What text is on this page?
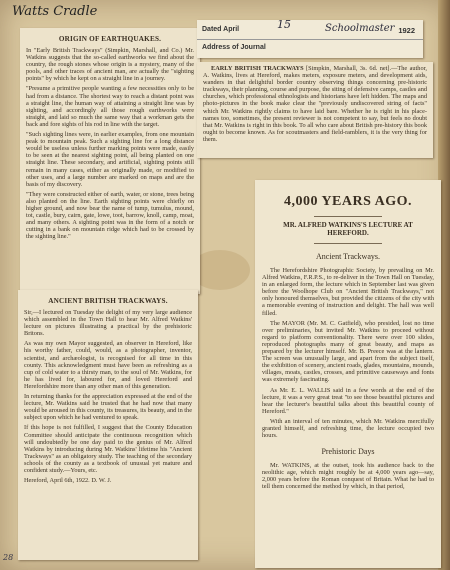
Watts Cradle
ORIGIN OF EARTHQUAKES.

In "Early British Trackways" (Simpkin, Marshall, and Co.) Mr. Watkins suggests that the so-called earthworks we find about the country, the rough stones whose origin is a mystery, many of the pools, and other traces of ancient man, are actually the "sighting points" by which he kept on a straight line in a journey.

"Presume a primitive people wanting a few necessities only to be had from a distance. The shortest way to reach a distant point was a straight line, the human way of attaining a straight line was by sighting, and accordingly all those rough earthworks were straight, and laid so much the same way that a workman gets the back and fore sights of his rod in line with the target.

"Such sighting lines were, in earlier examples, from one mountain peak to mountain peak. Such a sighting line for a long distance would be useless unless further marking points were made, easily to be seen at the nearest sighting point, all being planted on one straight line. These secondary, and artificial, sighting points still remain in many cases, either as originally made, or modified to other uses, and a large number are marked on maps and are the basis of my discovery.

"They were constructed either of earth, water, or stone, trees being also planted on the line. Earth sighting points were chiefly on higher ground, and now bear the name of tump, tumulus, mound, tot, castle, bury, cairn, gate, lowe, toot, barrow, knoll, camp, moat, and many others. A sighting point was in the form of a notch or cutting in a bank on mountain ridge which had to be crossed by the sighting line."

ANCIENT BRITISH TRACKWAYS.

Sir,—I lectured on Tuesday the delight of my very large audience which assembled in the Town Hall to hear Mr. Alfred Watkins' lecture on pictures illustrating a practical by the prehistoric Britons.

As was my own Mayor suggested, an observer in Hereford, like his worthy father, could, would, as a photographer, inventor, scientist, and archæologist, is recognised for all time in this county. This acknowledgment must have been as refreshing as a cup of cold water to a thirsty man, to the soul of Mr. Watkins, for he has lived for, laboured for, and loved Hereford and Herefordshire more than any other man of this generation.

In returning thanks for the appreciation expressed at the end of the lecture, Mr. Watkins said he trusted that he had now that many would be aroused in this county, its treasures, its beauty, and in the subject upon which he had ventured to speak.

If this hope is not fulfilled, I suggest that the County Education Committee should anticipate the continuous recognition which will undoubtedly be one day paid to the genius of Mr. Alfred Watkins by introducing during Mr. Watkins' lifetime his "Ancient Trackways" as an obligatory study. The teaching of the secondary schools of the county as a textbook of unusual yet mature and confident study.—Yours, etc.

Hereford, April 6th, 1922. D. W. J.

Dated April	15	Schoolmaster 1922
Address of Journal

EARLY BRITISH TRACKWAYS [Simpkin, Marshall, 3s. 6d. net].—The author, A. Watkins, lives at Hereford, makes meters, exposure meters, and development aids, wanders in that delightful border country observing things concerning pre-historic trackways, their planning, course and purpose, the siting of defensive camps, castles and churches, which professional ethnologists and historians have left hidden. The maps and photo-pictures in the book make clear the "previously undiscovered string of facts" which Mr. Watkins rightly claims to have laid bare. Whether he is right in his place-names too, sometimes, the present reviewer is not competent to say, but feels no doubt that Mr. Watkins is right in this book. To all who care about British pre-history this book ought to become known. As for scoutmasters and field-ramblers, it is the very thing for them.

4,000 YEARS AGO.
MR. ALFRED WATKINS'S LECTURE AT HEREFORD.
Ancient Trackways.

The Herefordshire Photographic Society, by prevailing on Mr. Alfred Watkins, F.R.P.S., to re-deliver in the Town Hall on Tuesday, in an enlarged form, the lecture which in September last was given before the Woolhope Club on "Ancient British Trackways," not only honoured themselves, but provided the citizens of the city with a memorable evening of instruction and delight. The hall was well filled.

The MAYOR (Mr. M. C. Gatfield), who presided, lost no time over preliminaries, but invited Mr. Watkins to proceed without regard to platform conventionality. There were over 100 slides, reproduced photographs many of great beauty, and maps as prepared by the lecturer himself. Mr. B. Preece was at the lantern. The screen was unusually large, and apart from the subject itself, the exhibition of scenery, ancient roads, glades, mountains, mounds, villages, moats, castles, crosses, and primitive causeways and fonts was extremely fascinating.

As Mr. E. L. WALLIS said in a few words at the end of the lecture, it was a very great treat "to see those beautiful pictures and hear the lecturer's beautiful talks about this beautiful county of Hereford."

With an interval of ten minutes, which Mr. Watkins mercifully granted himself, and refreshing time, the lecture occupied two hours.

Prehistoric Days

Mr. WATKINS, at the outset, took his audience back to the neolithic age, which might roughly be at 4,000 years ago—say, 2,000 years before the Roman conquest of Britain. What he had to tell them concerned the method by which, in that period,

28
